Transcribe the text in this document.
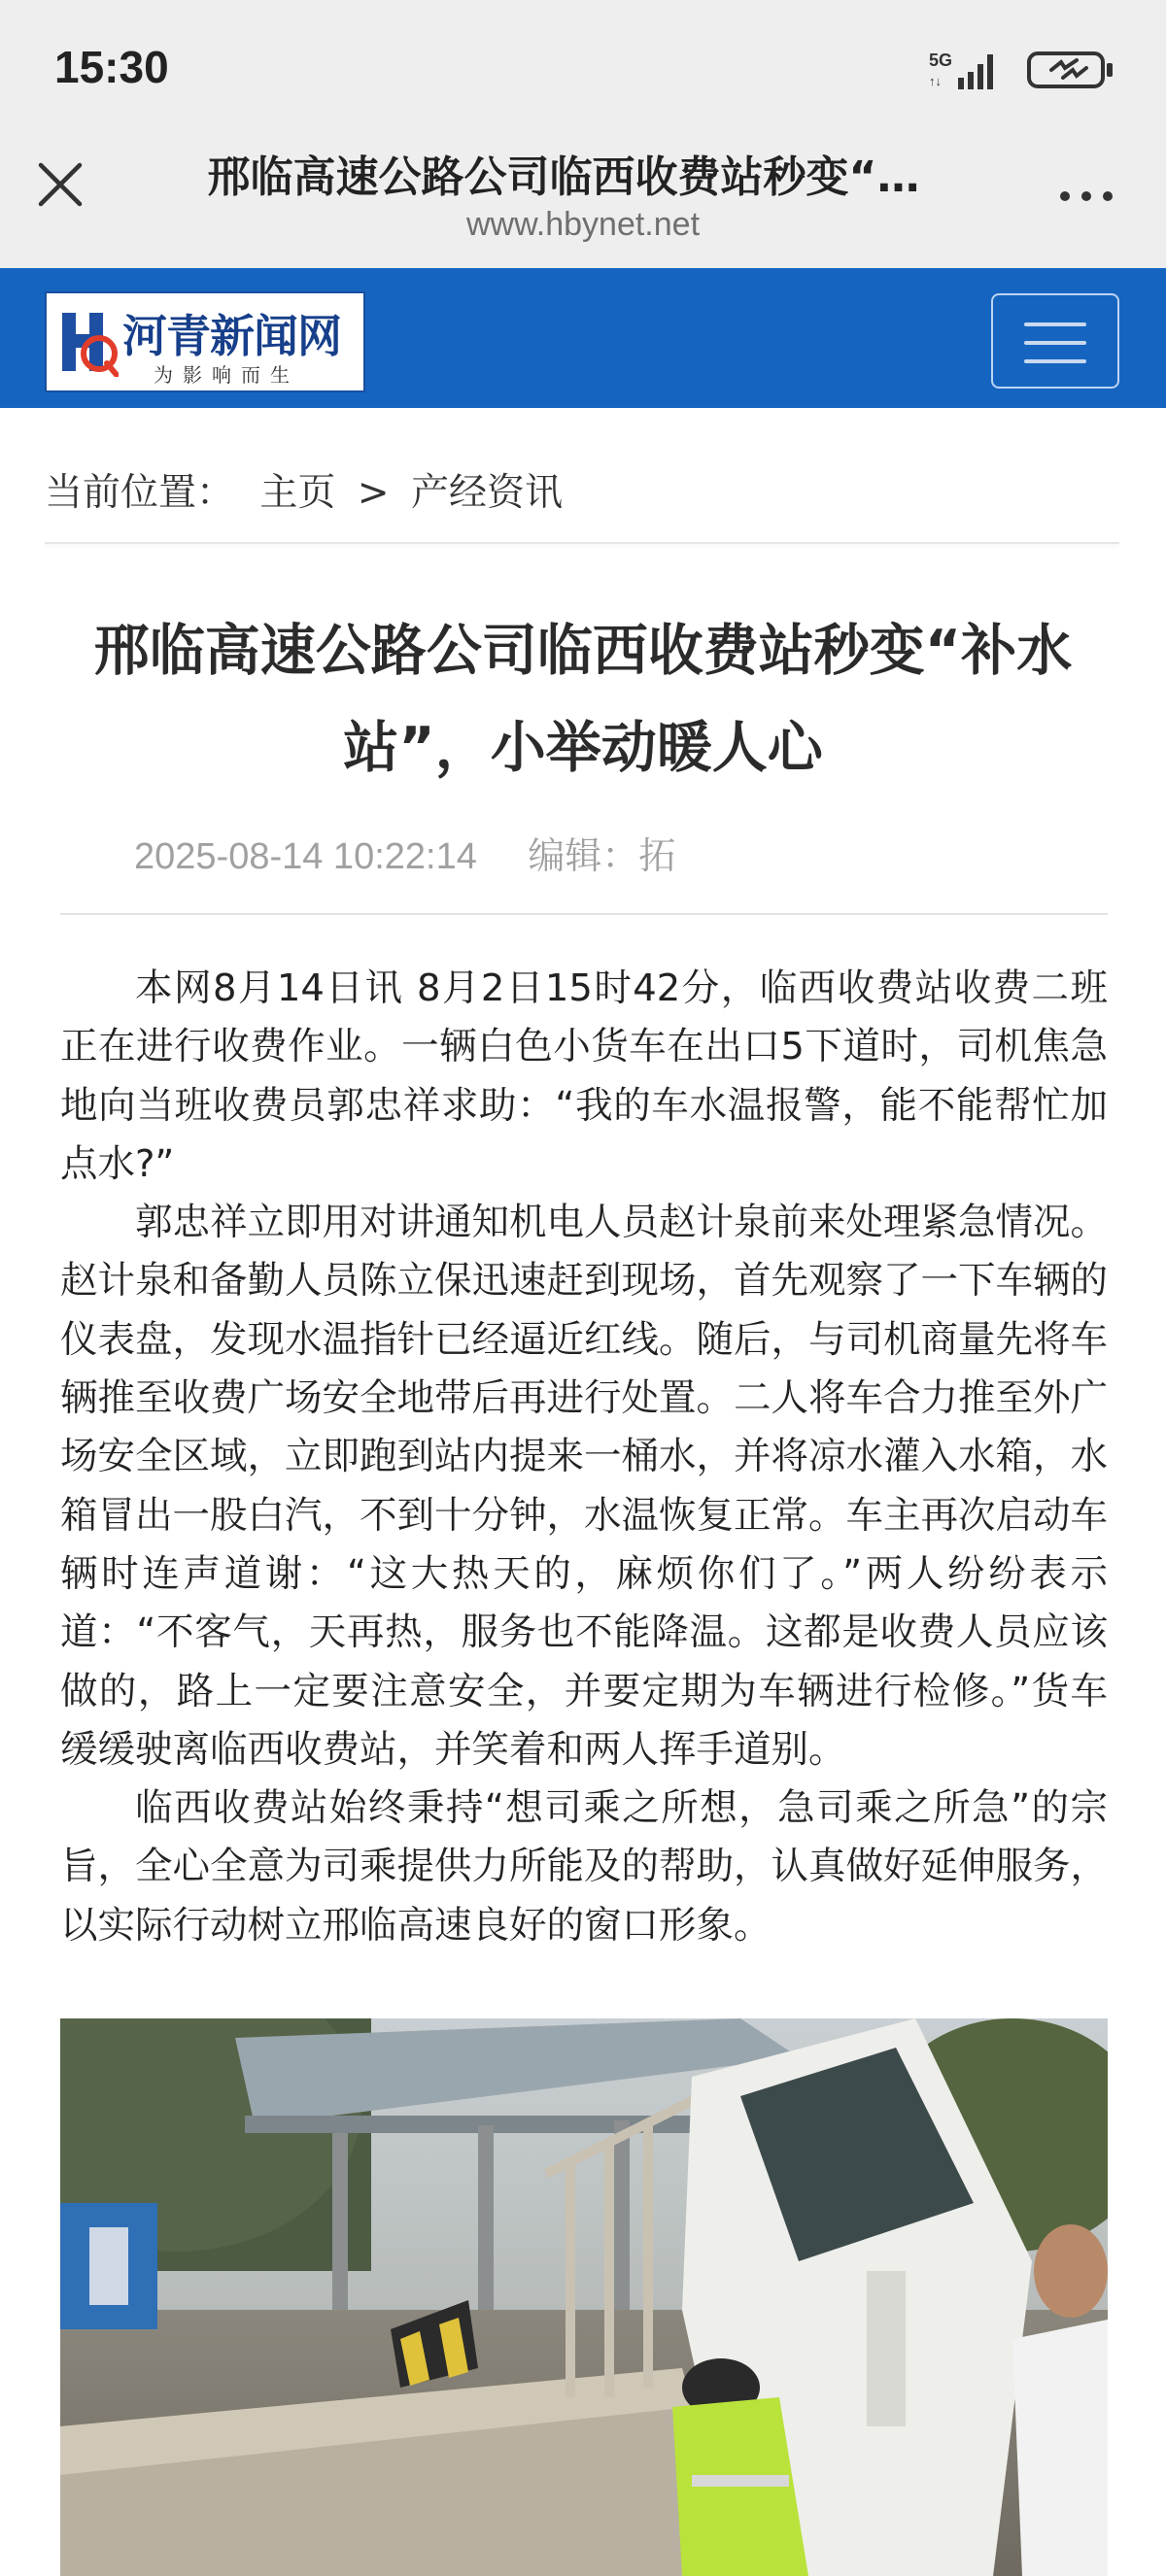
15:30	5G
↑↓
邢临高速公路公司临西收费站秒变“…
www.hbynet.net
河青新闻网
为影响而生
当前位置： 主页 > 产经资讯
邢临高速公路公司临西收费站秒变“补水站”，小举动暖人心
2025-08-14 10:22:14 编辑：拓

本网8月14日讯 8月2日15时42分，临西收费站收费二班正在进行收费作业。一辆白色小货车在出口5下道时，司机焦急地向当班收费员郭忠祥求助：“我的车水温报警，能不能帮忙加点水?”

郭忠祥立即用对讲通知机电人员赵计泉前来处理紧急情况。赵计泉和备勤人员陈立保迅速赶到现场，首先观察了一下车辆的仪表盘，发现水温指针已经逼近红线。随后，与司机商量先将车辆推至收费广场安全地带后再进行处置。二人将车合力推至外广场安全区域，立即跑到站内提来一桶水，并将凉水灌入水箱，水箱冒出一股白汽，不到十分钟，水温恢复正常。车主再次启动车辆时连声道谢：“这大热天的，麻烦你们了。”两人纷纷表示道：“不客气，天再热，服务也不能降温。这都是收费人员应该做的，路上一定要注意安全，并要定期为车辆进行检修。”货车缓缓驶离临西收费站，并笑着和两人挥手道别。

临西收费站始终秉持“想司乘之所想，急司乘之所急”的宗旨，全心全意为司乘提供力所能及的帮助，认真做好延伸服务，以实际行动树立邢临高速良好的窗口形象。
